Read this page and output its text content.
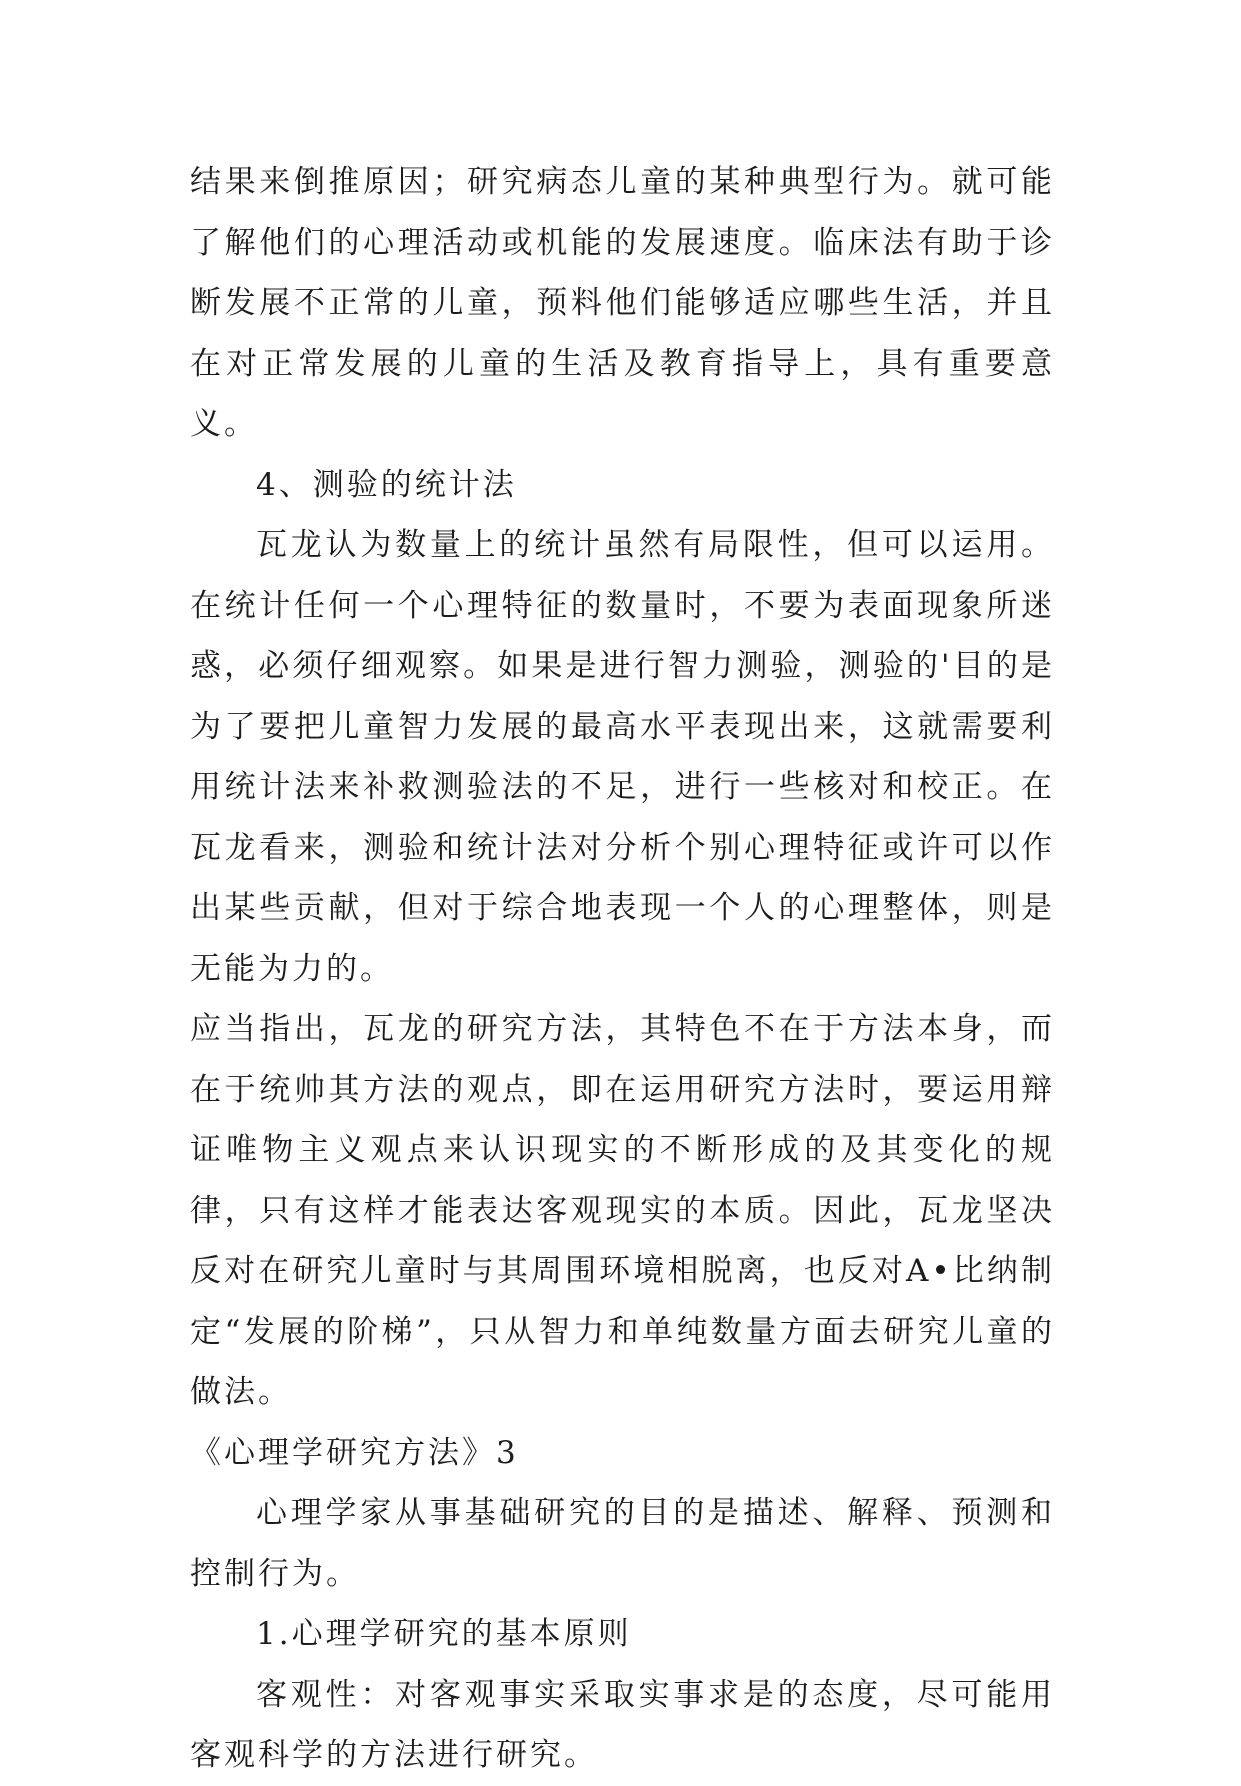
结果来倒推原因；研究病态儿童的某种典型行为。就可能了解他们的心理活动或机能的发展速度。临床法有助于诊断发展不正常的儿童，预料他们能够适应哪些生活，并且在对正常发展的儿童的生活及教育指导上，具有重要意义。

4、测验的统计法

瓦龙认为数量上的统计虽然有局限性，但可以运用。在统计任何一个心理特征的数量时，不要为表面现象所迷惑，必须仔细观察。如果是进行智力测验，测验的'目的是为了要把儿童智力发展的最高水平表现出来，这就需要利用统计法来补救测验法的不足，进行一些核对和校正。在瓦龙看来，测验和统计法对分析个别心理特征或许可以作出某些贡献，但对于综合地表现一个人的心理整体，则是无能为力的。

应当指出，瓦龙的研究方法，其特色不在于方法本身，而在于统帅其方法的观点，即在运用研究方法时，要运用辩证唯物主义观点来认识现实的不断形成的及其变化的规律，只有这样才能表达客观现实的本质。因此，瓦龙坚决反对在研究儿童时与其周围环境相脱离，也反对A•比纳制定“发展的阶梯”，只从智力和单纯数量方面去研究儿童的做法。

《心理学研究方法》3

心理学家从事基础研究的目的是描述、解释、预测和控制行为。

1.心理学研究的基本原则

客观性：对客观事实采取实事求是的态度，尽可能用客观科学的方法进行研究。
